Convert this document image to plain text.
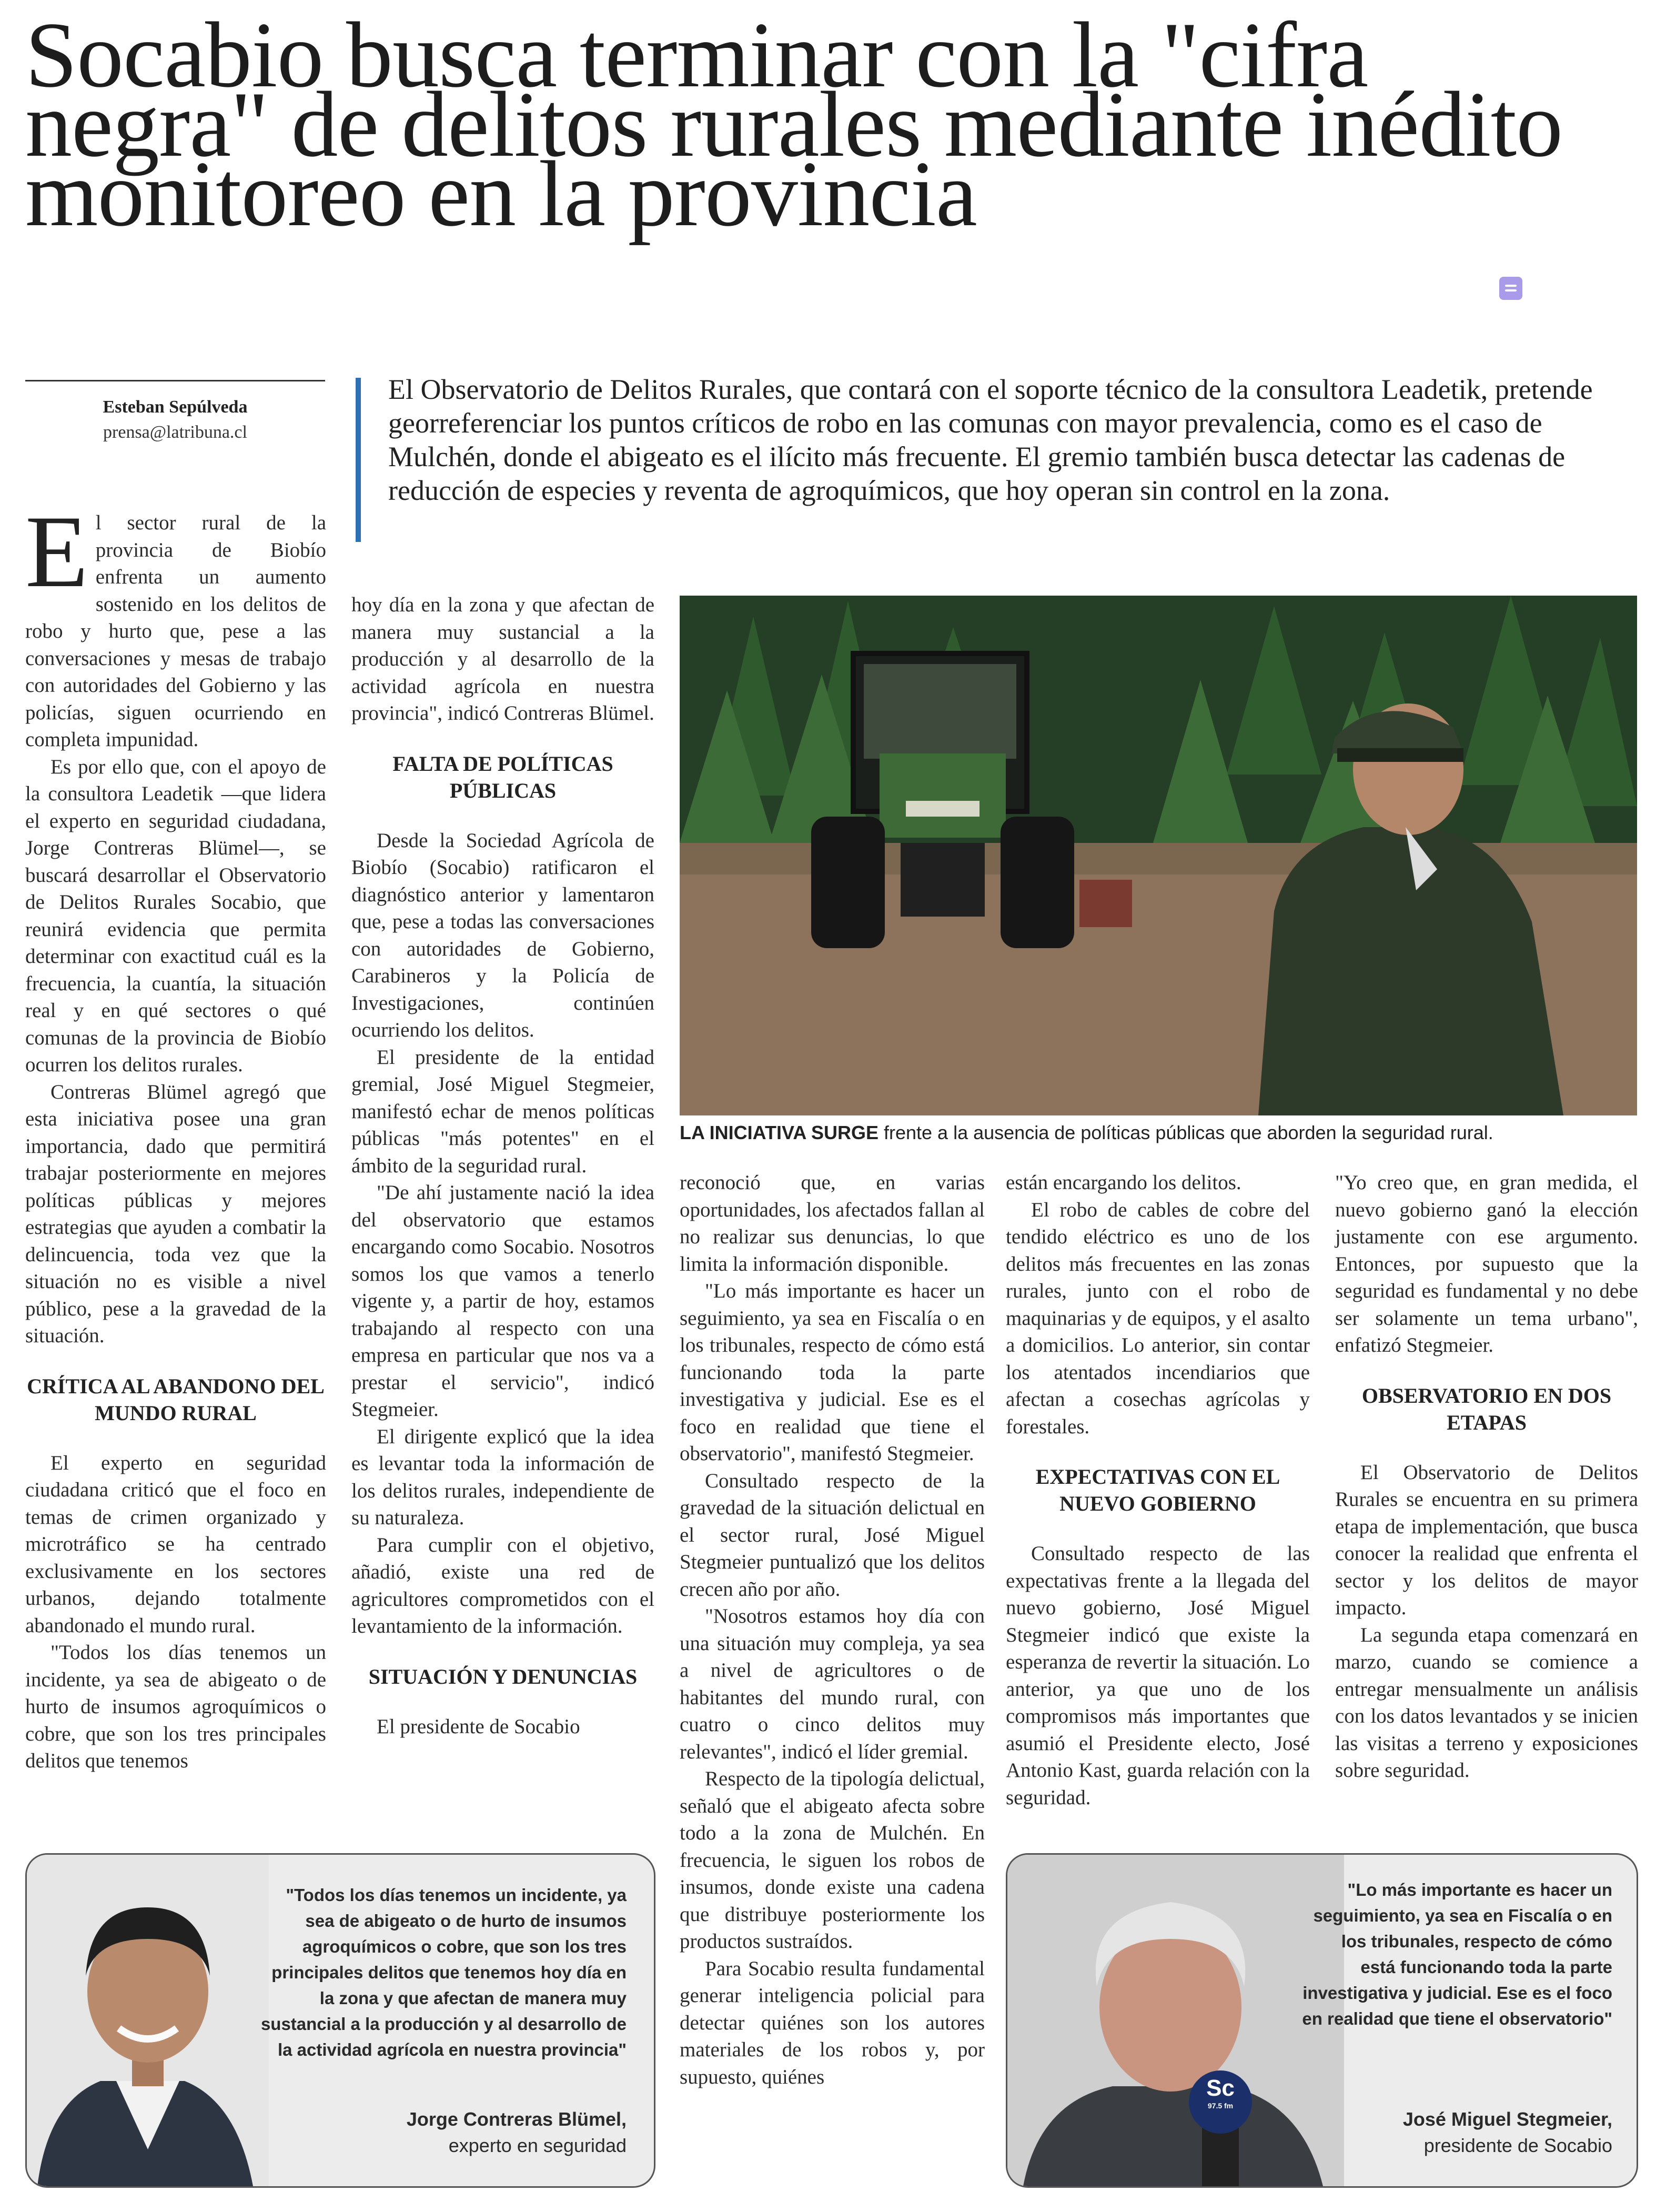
Socabio busca terminar con la "cifra negra" de delitos rurales mediante inédito monitoreo en la provincia
Esteban Sepúlveda
prensa@latribuna.cl

El Observatorio de Delitos Rurales, que contará con el soporte técnico de la consultora Leadetik, pretende georreferenciar los puntos críticos de robo en las comunas con mayor prevalencia, como es el caso de Mulchén, donde el abigeato es el ilícito más frecuente. El gremio también busca detectar las cadenas de reducción de especies y reventa de agroquímicos, que hoy operan sin control en la zona.

El sector rural de la provincia de Biobío enfrenta un aumento sostenido en los delitos de robo y hurto que, pese a las conversaciones y mesas de trabajo con autoridades del Gobierno y las policías, siguen ocurriendo en completa impunidad.

Es por ello que, con el apoyo de la consultora Leadetik —que lidera el experto en seguridad ciudadana, Jorge Contreras Blümel—, se buscará desarrollar el Observatorio de Delitos Rurales Socabio, que reunirá evidencia que permita determinar con exactitud cuál es la frecuencia, la cuantía, la situación real y en qué sectores o qué comunas de la provincia de Biobío ocurren los delitos rurales.

Contreras Blümel agregó que esta iniciativa posee una gran importancia, dado que permitirá trabajar posteriormente en mejores políticas públicas y mejores estrategias que ayuden a combatir la delincuencia, toda vez que la situación no es visible a nivel público, pese a la gravedad de la situación.

CRÍTICA AL ABANDONO DEL MUNDO RURAL

El experto en seguridad ciudadana criticó que el foco en temas de crimen organizado y microtráfico se ha centrado exclusivamente en los sectores urbanos, dejando totalmente abandonado el mundo rural.

"Todos los días tenemos un incidente, ya sea de abigeato o de hurto de insumos agroquímicos o cobre, que son los tres principales delitos que tenemos

hoy día en la zona y que afectan de manera muy sustancial a la producción y al desarrollo de la actividad agrícola en nuestra provincia", indicó Contreras Blümel.

FALTA DE POLÍTICAS PÚBLICAS

Desde la Sociedad Agrícola de Biobío (Socabio) ratificaron el diagnóstico anterior y lamentaron que, pese a todas las conversaciones con autoridades de Gobierno, Carabineros y la Policía de Investigaciones, continúen ocurriendo los delitos.

El presidente de la entidad gremial, José Miguel Stegmeier, manifestó echar de menos políticas públicas "más potentes" en el ámbito de la seguridad rural.

"De ahí justamente nació la idea del observatorio que estamos encargando como Socabio. Nosotros somos los que vamos a tenerlo vigente y, a partir de hoy, estamos trabajando al respecto con una empresa en particular que nos va a prestar el servicio", indicó Stegmeier.

El dirigente explicó que la idea es levantar toda la información de los delitos rurales, independiente de su naturaleza.

Para cumplir con el objetivo, añadió, existe una red de agricultores comprometidos con el levantamiento de la información.

SITUACIÓN Y DENUNCIAS

El presidente de Socabio

LA INICIATIVA SURGE frente a la ausencia de políticas públicas que aborden la seguridad rural.

reconoció que, en varias oportunidades, los afectados fallan al no realizar sus denuncias, lo que limita la información disponible.

"Lo más importante es hacer un seguimiento, ya sea en Fiscalía o en los tribunales, respecto de cómo está funcionando toda la parte investigativa y judicial. Ese es el foco en realidad que tiene el observatorio", manifestó Stegmeier.

Consultado respecto de la gravedad de la situación delictual en el sector rural, José Miguel Stegmeier puntualizó que los delitos crecen año por año.

"Nosotros estamos hoy día con una situación muy compleja, ya sea a nivel de agricultores o de habitantes del mundo rural, con cuatro o cinco delitos muy relevantes", indicó el líder gremial.

Respecto de la tipología delictual, señaló que el abigeato afecta sobre todo a la zona de Mulchén. En frecuencia, le siguen los robos de insumos, donde existe una cadena que distribuye posteriormente los productos sustraídos.

Para Socabio resulta fundamental generar inteligencia policial para detectar quiénes son los autores materiales de los robos y, por supuesto, quiénes

están encargando los delitos.

El robo de cables de cobre del tendido eléctrico es uno de los delitos más frecuentes en las zonas rurales, junto con el robo de maquinarias y de equipos, y el asalto a domicilios. Lo anterior, sin contar los atentados incendiarios que afectan a cosechas agrícolas y forestales.

EXPECTATIVAS CON EL NUEVO GOBIERNO

Consultado respecto de las expectativas frente a la llegada del nuevo gobierno, José Miguel Stegmeier indicó que existe la esperanza de revertir la situación. Lo anterior, ya que uno de los compromisos más importantes que asumió el Presidente electo, José Antonio Kast, guarda relación con la seguridad.

"Yo creo que, en gran medida, el nuevo gobierno ganó la elección justamente con ese argumento. Entonces, por supuesto que la seguridad es fundamental y no debe ser solamente un tema urbano", enfatizó Stegmeier.

OBSERVATORIO EN DOS ETAPAS

El Observatorio de Delitos Rurales se encuentra en su primera etapa de implementación, que busca conocer la realidad que enfrenta el sector y los delitos de mayor impacto.

La segunda etapa comenzará en marzo, cuando se comience a entregar mensualmente un análisis con los datos levantados y se inicien las visitas a terreno y exposiciones sobre seguridad.

"Todos los días tenemos un incidente, ya sea de abigeato o de hurto de insumos agroquímicos o cobre, que son los tres principales delitos que tenemos hoy día en la zona y que afectan de manera muy sustancial a la producción y al desarrollo de la actividad agrícola en nuestra provincia"
Jorge Contreras Blümel,
experto en seguridad
Sc
97.5 fm
"Lo más importante es hacer un seguimiento, ya sea en Fiscalía o en los tribunales, respecto de cómo está funcionando toda la parte investigativa y judicial. Ese es el foco en realidad que tiene el observatorio"
José Miguel Stegmeier,
presidente de Socabio
